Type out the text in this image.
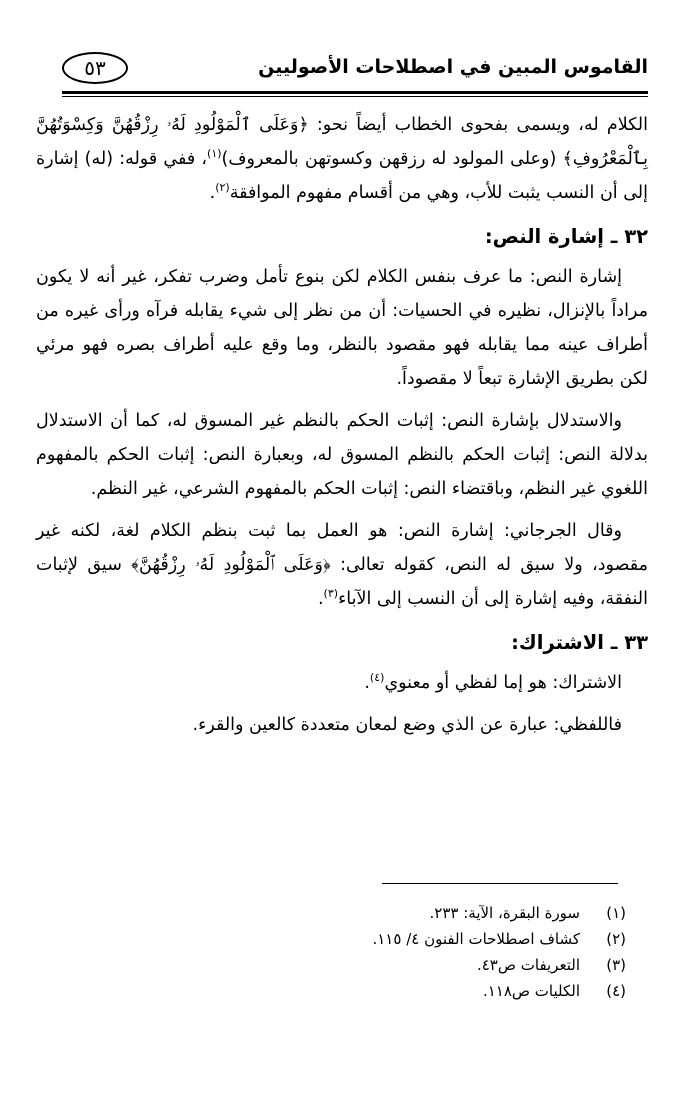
القاموس المبين في اصطلاحات الأصوليين
٥٣

الكلام له، ويسمى بفحوى الخطاب أيضاً نحو: ﴿وَعَلَى ٱلْمَوْلُودِ لَهُۥ رِزْقُهُنَّ وَكِسْوَتُهُنَّ بِٱلْمَعْرُوفِ﴾ (وعلى المولود له رزقهن وكسوتهن بالمعروف)$^{(١)}$، ففي قوله: (له) إشارة إلى أن النسب يثبت للأب، وهي من أقسام مفهوم الموافقة$^{(٢)}$.

٣٢ ـ إشارة النص:

إشارة النص: ما عرف بنفس الكلام لكن بنوع تأمل وضرب تفكر، غير أنه لا يكون مراداً بالإنزال، نظيره في الحسيات: أن من نظر إلى شيء يقابله فرآه ورأى غيره من أطراف عينه مما يقابله فهو مقصود بالنظر، وما وقع عليه أطراف بصره فهو مرئي لكن بطريق الإشارة تبعاً لا مقصوداً.

والاستدلال بإشارة النص: إثبات الحكم بالنظم غير المسوق له، كما أن الاستدلال بدلالة النص: إثبات الحكم بالنظم المسوق له، وبعبارة النص: إثبات الحكم بالمفهوم اللغوي غير النظم، وباقتضاء النص: إثبات الحكم بالمفهوم الشرعي، غير النظم.

وقال الجرجاني: إشارة النص: هو العمل بما ثبت بنظم الكلام لغة، لكنه غير مقصود، ولا سيق له النص، كقوله تعالى: ﴿وَعَلَى ٱلْمَوْلُودِ لَهُۥ رِزْقُهُنَّ﴾ سيق لإثبات النفقة، وفيه إشارة إلى أن النسب إلى الآباء$^{(٣)}$.

٣٣ ـ الاشتراك:

الاشتراك: هو إما لفظي أو معنوي$^{(٤)}$.

فاللفظي: عبارة عن الذي وضع لمعان متعددة كالعين والقرء.

(١)
سورة البقرة، الآية: ٢٣٣.
(٢)
كشاف اصطلاحات الفنون ٤/ ١١٥.
(٣)
التعريفات ص٤٣.
(٤)
الكليات ص١١٨.
